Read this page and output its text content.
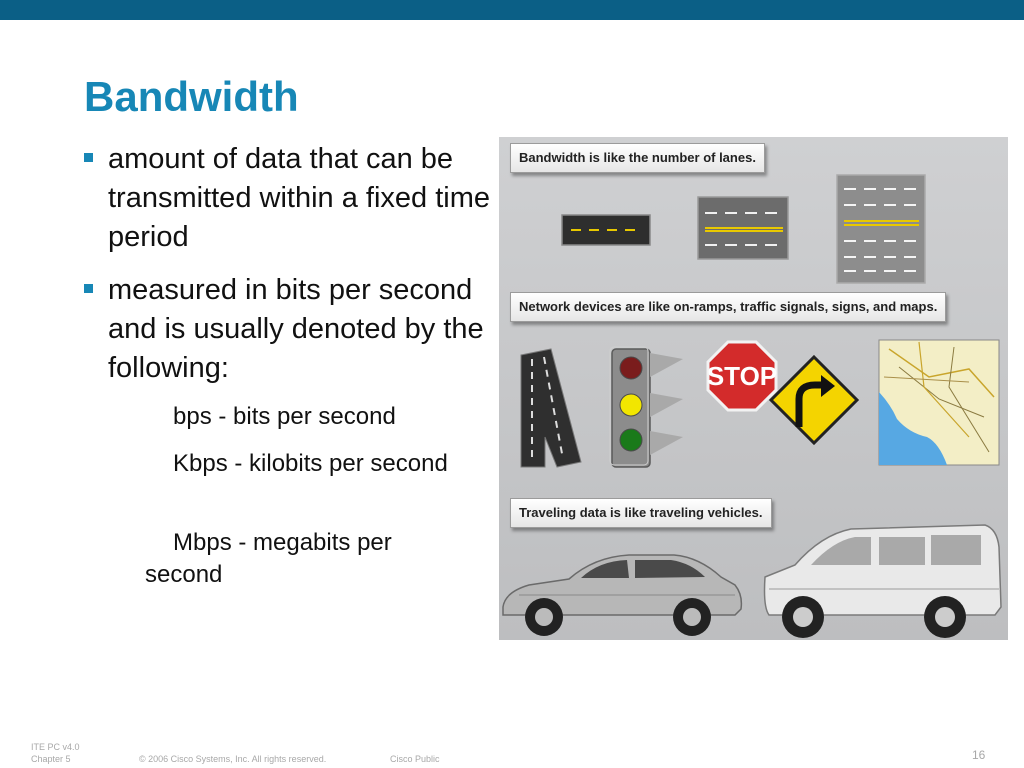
Bandwidth
amount of data that can be transmitted within a fixed time period
measured in bits per second and is usually denoted by the following:
bps - bits per second
Kbps - kilobits per second
Mbps - megabits per second
STOP
Bandwidth is like the number of lanes.
Network devices are like on-ramps, traffic signals, signs, and maps.
Traveling data is like traveling vehicles.
ITE PC v4.0
Chapter 5	© 2006 Cisco Systems, Inc. All rights reserved.	Cisco Public	16
